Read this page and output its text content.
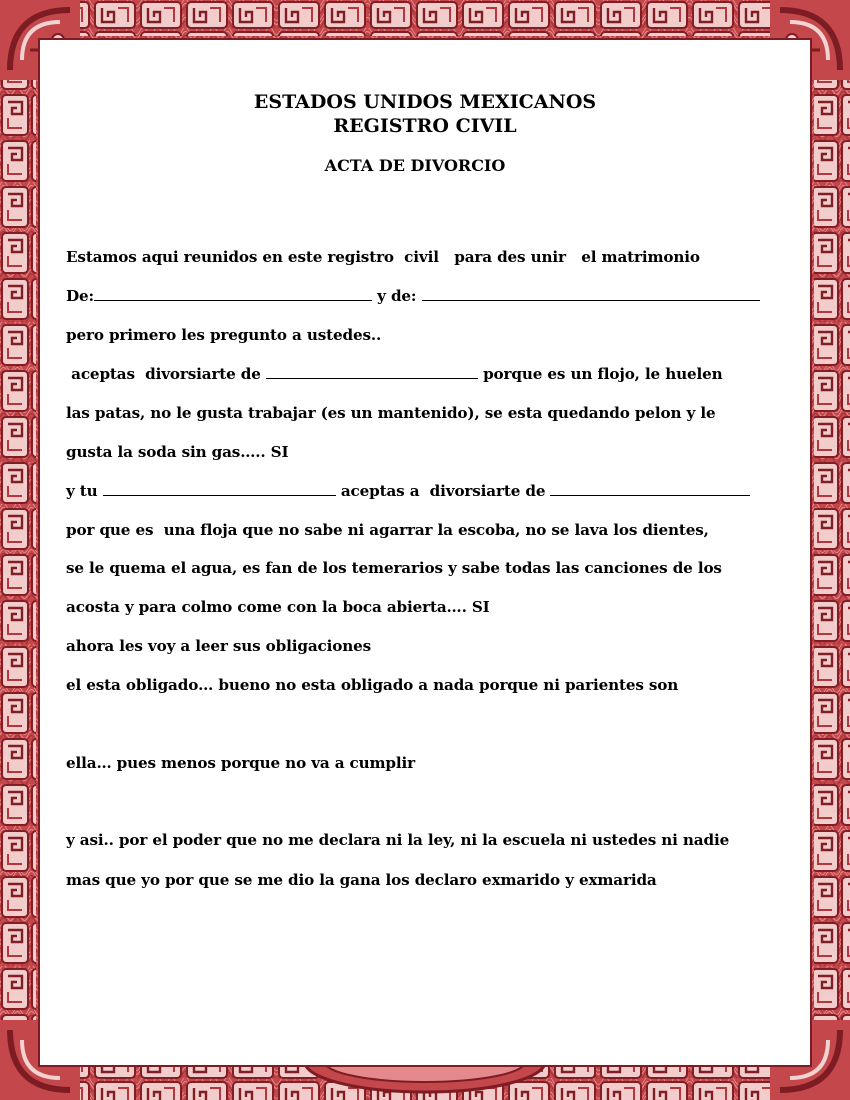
ESTADOS UNIDOS MEXICANOS
REGISTRO CIVIL
ACTA DE DIVORCIO
Estamos aqui reunidos en este registro  civil   para des unir   el matrimonio
De:	y de:
pero primero les pregunto a ustedes..
aceptas  divorsiarte de	porque es un flojo, le huelen
las patas, no le gusta trabajar (es un mantenido), se esta quedando pelon y le
gusta la soda sin gas….. SI
y tu	aceptas a  divorsiarte de
por que es  una floja que no sabe ni agarrar la escoba, no se lava los dientes,
se le quema el agua, es fan de los temerarios y sabe todas las canciones de los
acosta y para colmo come con la boca abierta…. SI
ahora les voy a leer sus obligaciones
el esta obligado… bueno no esta obligado a nada porque ni parientes son
ella… pues menos porque no va a cumplir
y asi.. por el poder que no me declara ni la ley, ni la escuela ni ustedes ni nadie
mas que yo por que se me dio la gana los declaro exmarido y exmarida
